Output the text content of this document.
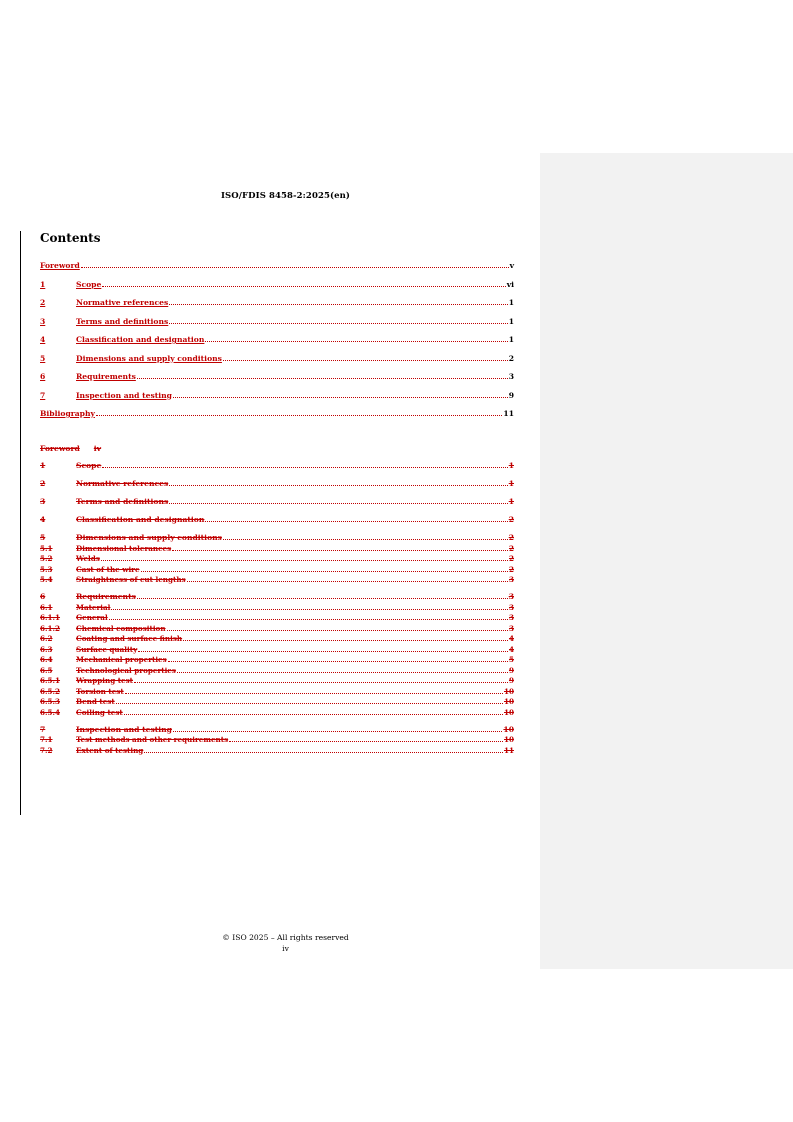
ISO/FDIS 8458-2:2025(en)
Contents
Foreword	v
1	Scope	vi
2	Normative references	1
3	Terms and definitions	1
4	Classification and designation	1
5	Dimensions and supply conditions	2
6	Requirements	3
7	Inspection and testing	9
Bibliography	11
Foreword iv
1	Scope	1
2	Normative references	1
3	Terms and definitions	1
4	Classification and designation	2
5	Dimensions and supply conditions	2
5.1	Dimensional tolerances	2
5.2	Welds	2
5.3	Cast of the wire	2
5.4	Straightness of cut lengths	3
6	Requirements	3
6.1	Material	3
6.1.1	General	3
6.1.2	Chemical composition	3
6.2	Coating and surface finish	4
6.3	Surface quality	4
6.4	Mechanical properties	5
6.5	Technological properties	9
6.5.1	Wrapping test	9
6.5.2	Torsion test	10
6.5.3	Bend test	10
6.5.4	Coiling test	10
7	Inspection and testing	10
7.1	Test methods and other requirements	10
7.2	Extent of testing	11
© ISO 2025 – All rights reserved
iv
